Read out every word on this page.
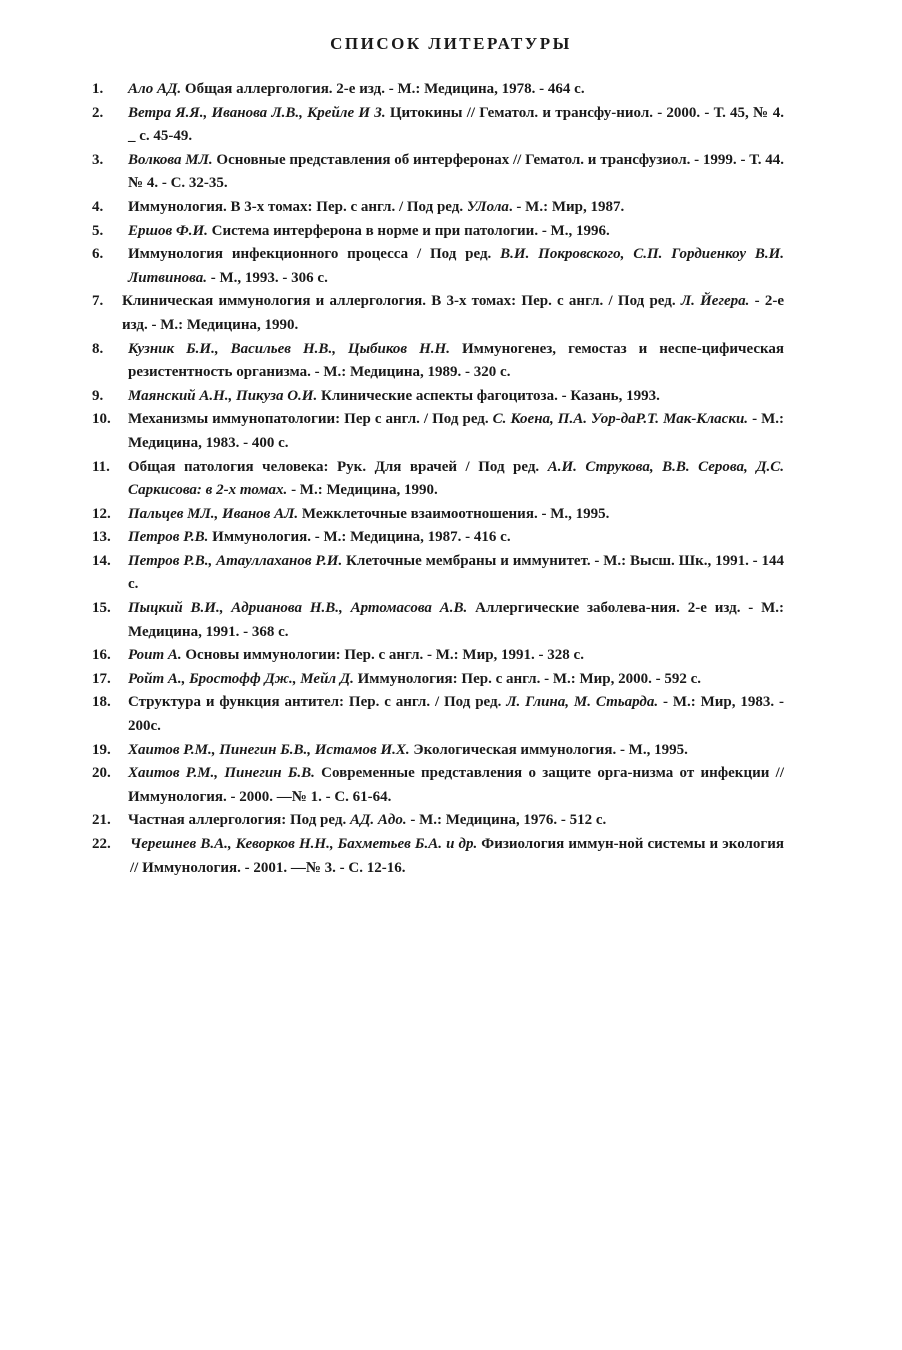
СПИСОК ЛИТЕРАТУРЫ
1. Ало АД. Общая аллергология. 2-е изд. - М.: Медицина, 1978. - 464 с.
2. Ветра Я.Я., Иванова Л.В., Крейле И З. Цитокины // Гематол. и трансфу-ниол. - 2000. - Т. 45, № 4. _ с. 45-49.
3. Волкова МЛ. Основные представления об интерферонах // Гематол. и трансфузиол. - 1999. - Т. 44. № 4. - С. 32-35.
4. Иммунология. В 3-х томах: Пер. с англ. / Под ред. УЛола. - М.: Мир, 1987.
5. Ершов Ф.И. Система интерферона в норме и при патологии. - М., 1996.
6. Иммунология инфекционного процесса / Под ред. В.И. Покровского, С.П. Гордиенкоу В.И. Литвинова. - М., 1993. - 306 с.
7. Клиническая иммунология и аллергология. В 3-х томах: Пер. с англ. / Под ред. Л. Йегера. - 2-е изд. - М.: Медицина, 1990.
8. Кузник Б.И., Васильев Н.В., Цыбиков Н.Н. Иммуногенез, гемостаз и неспе-цифическая резистентность организма. - М.: Медицина, 1989. - 320 с.
9. Маянский А.Н., Пикуза О.И. Клинические аспекты фагоцитоза. - Казань, 1993.
10. Механизмы иммунопатологии: Пер с англ. / Под ред. С. Коена, П.А. Уор-даР.Т. Мак-Класки. - М.: Медицина, 1983. - 400 с.
11. Общая патология человека: Рук. Для врачей / Под ред. А.И. Струкова, В.В. Серова, Д.С. Саркисова: в 2-х томах. - М.: Медицина, 1990.
12. Пальцев МЛ., Иванов АЛ. Межклеточные взаимоотношения. - М., 1995.
13. Петров Р.В. Иммунология. - М.: Медицина, 1987. - 416 с.
14. Петров Р.В., Атауллаханов Р.И. Клеточные мембраны и иммунитет. - М.: Высш. Шк., 1991. - 144 с.
15. Пыцкий В.И., Адрианова Н.В., Артомасова А.В. Аллергические заболева-ния. 2-е изд. - М.: Медицина, 1991. - 368 с.
16. Роит А. Основы иммунологии: Пер. с англ. - М.: Мир, 1991. - 328 с.
17. Ройт А., Бростофф Дж., Мейл Д. Иммунология: Пер. с англ. - М.: Мир, 2000. - 592 с.
18. Структура и функция антител: Пер. с англ. / Под ред. Л. Глина, М. Стьарда. - М.: Мир, 1983. - 200с.
19. Хаитов Р.М., Пинегин Б.В., Истамов И.Х. Экологическая иммунология. - М., 1995.
20. Хаитов Р.М., Пинегин Б.В. Современные представления о защите орга-низма от инфекции // Иммунология. - 2000. —№ 1. - С. 61-64.
21. Частная аллергология: Под ред. АД. Адо. - М.: Медицина, 1976. - 512 с.
22. Черешнев В.А., Кеворков Н.Н., Бахметьев Б.А. и др. Физиология иммун-ной системы и экология // Иммунология. - 2001. —№ 3. - С. 12-16.
